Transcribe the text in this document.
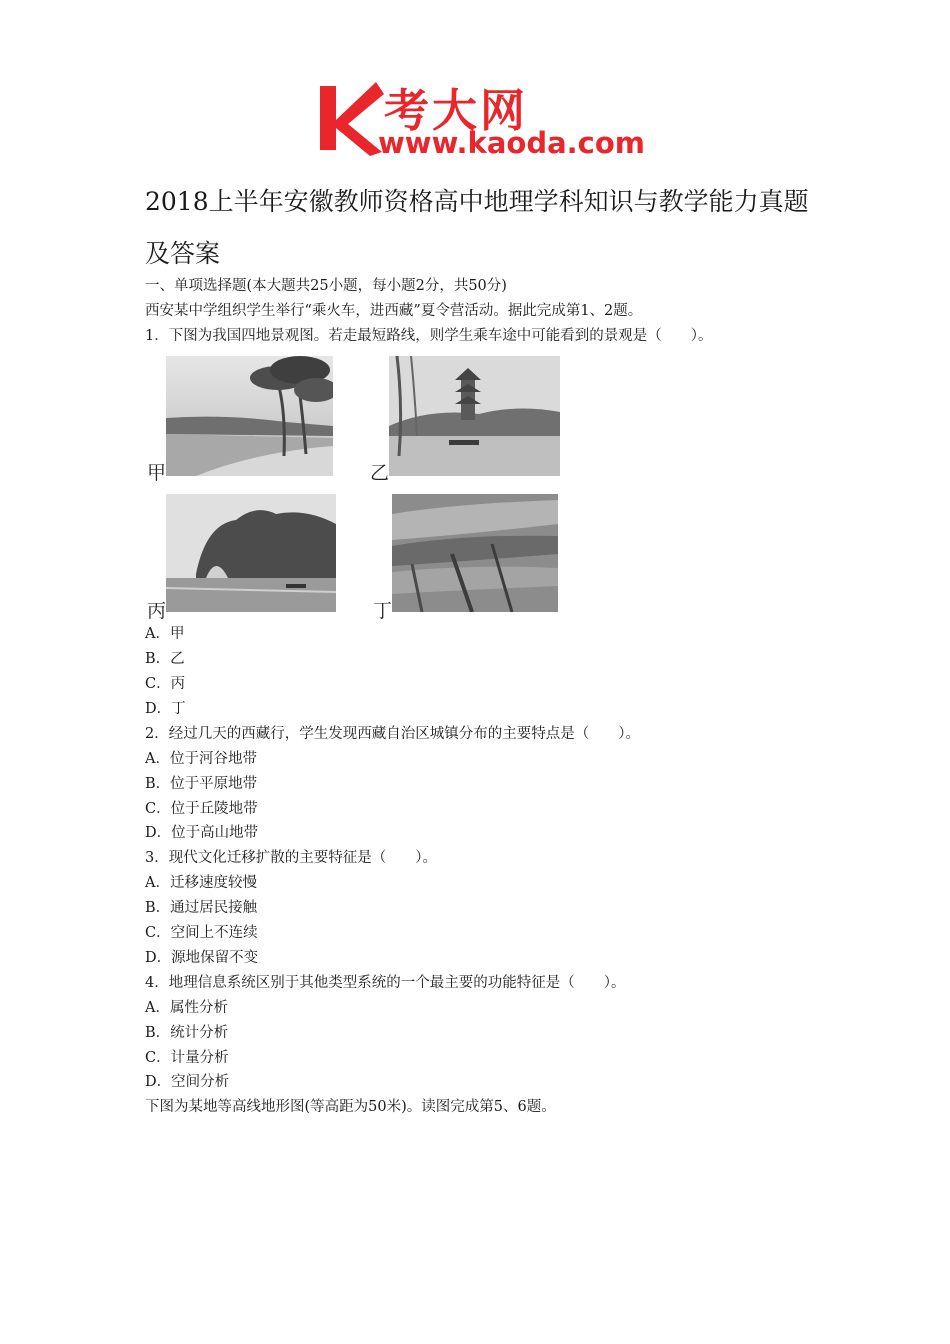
考大网
www.kaoda.com
2018上半年安徽教师资格高中地理学科知识与教学能力真题及答案
一、单项选择题(本大题共25小题，每小题2分，共50分)
西安某中学组织学生举行“乘火车，进西藏”夏令营活动。据此完成第1、2题。
1．下图为我国四地景观图。若走最短路线，则学生乘车途中可能看到的景观是（　　）。
甲	乙
丙	丁
A．甲
B．乙
C．丙
D．丁
2．经过几天的西藏行，学生发现西藏自治区城镇分布的主要特点是（　　）。
A．位于河谷地带
B．位于平原地带
C．位于丘陵地带
D．位于高山地带
3．现代文化迁移扩散的主要特征是（　　）。
A．迁移速度较慢
B．通过居民接触
C．空间上不连续
D．源地保留不变
4．地理信息系统区别于其他类型系统的一个最主要的功能特征是（　　）。
A．属性分析
B．统计分析
C．计量分析
D．空间分析
下图为某地等高线地形图(等高距为50米)。读图完成第5、6题。
